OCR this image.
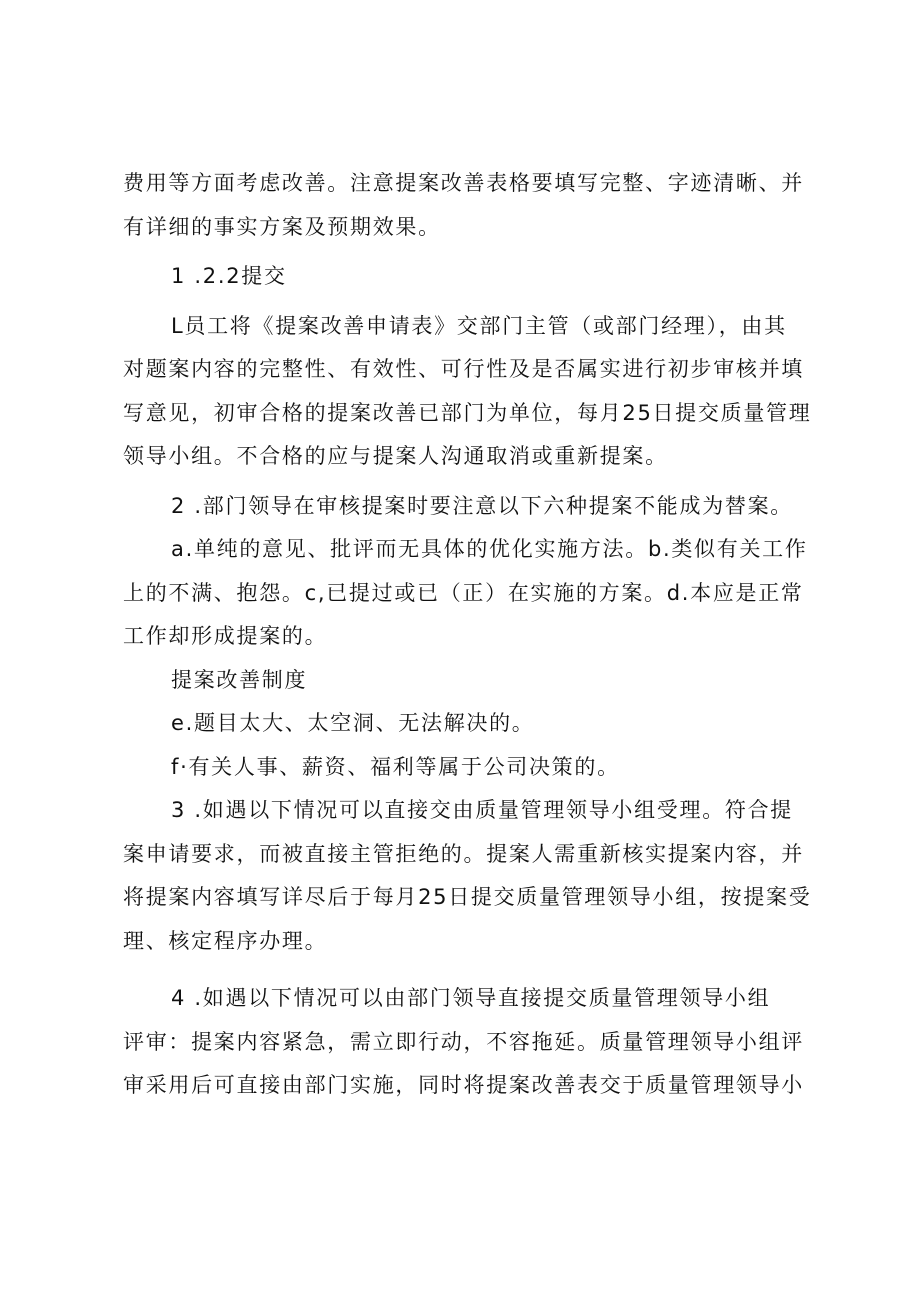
费用等方面考虑改善。注意提案改善表格要填写完整、字迹清晰、并
有详细的事实方案及预期效果。

1 .2.2提交

L员工将《提案改善申请表》交部门主管（或部门经理），由其
对题案内容的完整性、有效性、可行性及是否属实进行初步审核并填
写意见，初审合格的提案改善已部门为单位，每月25日提交质量管理
领导小组。不合格的应与提案人沟通取消或重新提案。

2 .部门领导在审核提案时要注意以下六种提案不能成为替案。

a.单纯的意见、批评而无具体的优化实施方法。b.类似有关工作
上的不满、抱怨。c,已提过或已（正）在实施的方案。d.本应是正常
工作却形成提案的。

提案改善制度

e.题目太大、太空洞、无法解决的。

f·有关人事、薪资、福利等属于公司决策的。

3 .如遇以下情况可以直接交由质量管理领导小组受理。符合提
案申请要求，而被直接主管拒绝的。提案人需重新核实提案内容，并
将提案内容填写详尽后于每月25日提交质量管理领导小组，按提案受
理、核定程序办理。

4 .如遇以下情况可以由部门领导直接提交质量管理领导小组
评审：提案内容紧急，需立即行动，不容拖延。质量管理领导小组评
审采用后可直接由部门实施，同时将提案改善表交于质量管理领导小
